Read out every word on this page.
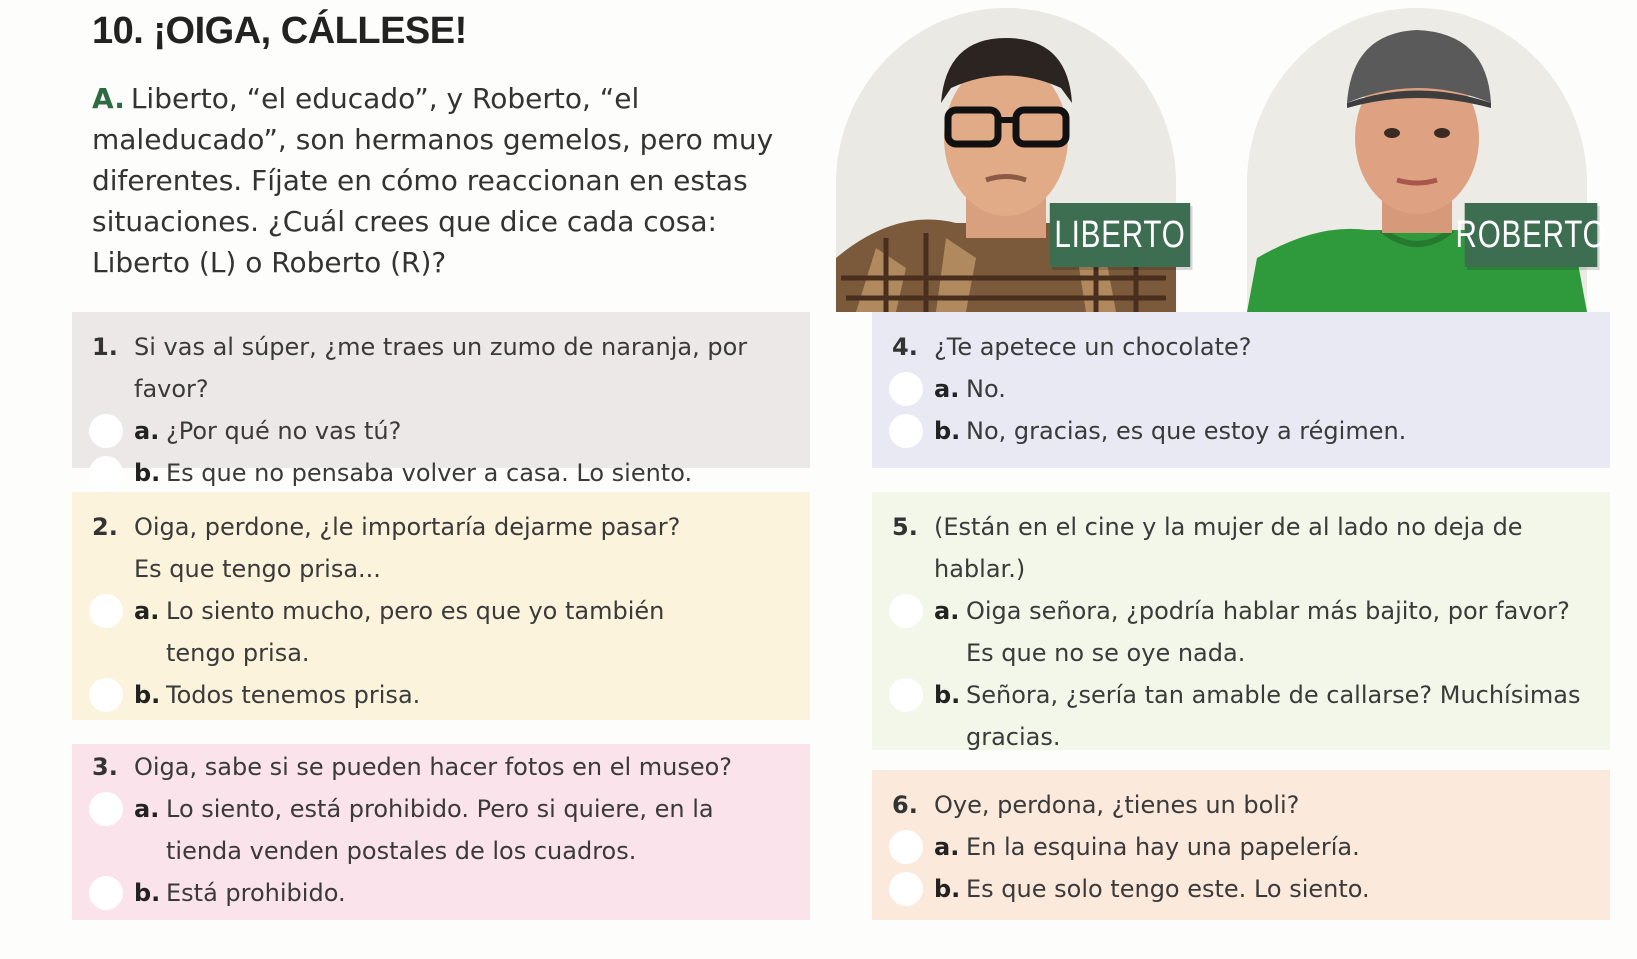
10. ¡OIGA, CÁLLESE!
A. Liberto, “el educado”, y Roberto, “el maleducado”, son hermanos gemelos, pero muy diferentes. Fíjate en cómo reaccionan en estas situaciones. ¿Cuál crees que dice cada cosa: Liberto (L) o Roberto (R)?
LIBERTO	ROBERTO
1. Si vas al súper, ¿me traes un zumo de naranja, por favor?
a. ¿Por qué no vas tú?
b. Es que no pensaba volver a casa. Lo siento.
2. Oiga, perdone, ¿le importaría dejarme pasar? Es que tengo prisa...
a. Lo siento mucho, pero es que yo también tengo prisa.
b. Todos tenemos prisa.
3. Oiga, sabe si se pueden hacer fotos en el museo?
a. Lo siento, está prohibido. Pero si quiere, en la tienda venden postales de los cuadros.
b. Está prohibido.
4. ¿Te apetece un chocolate?
a. No.
b. No, gracias, es que estoy a régimen.
5. (Están en el cine y la mujer de al lado no deja de hablar.)
a. Oiga señora, ¿podría hablar más bajito, por favor? Es que no se oye nada.
b. Señora, ¿sería tan amable de callarse? Muchísimas gracias.
6. Oye, perdona, ¿tienes un boli?
a. En la esquina hay una papelería.
b. Es que solo tengo este. Lo siento.
